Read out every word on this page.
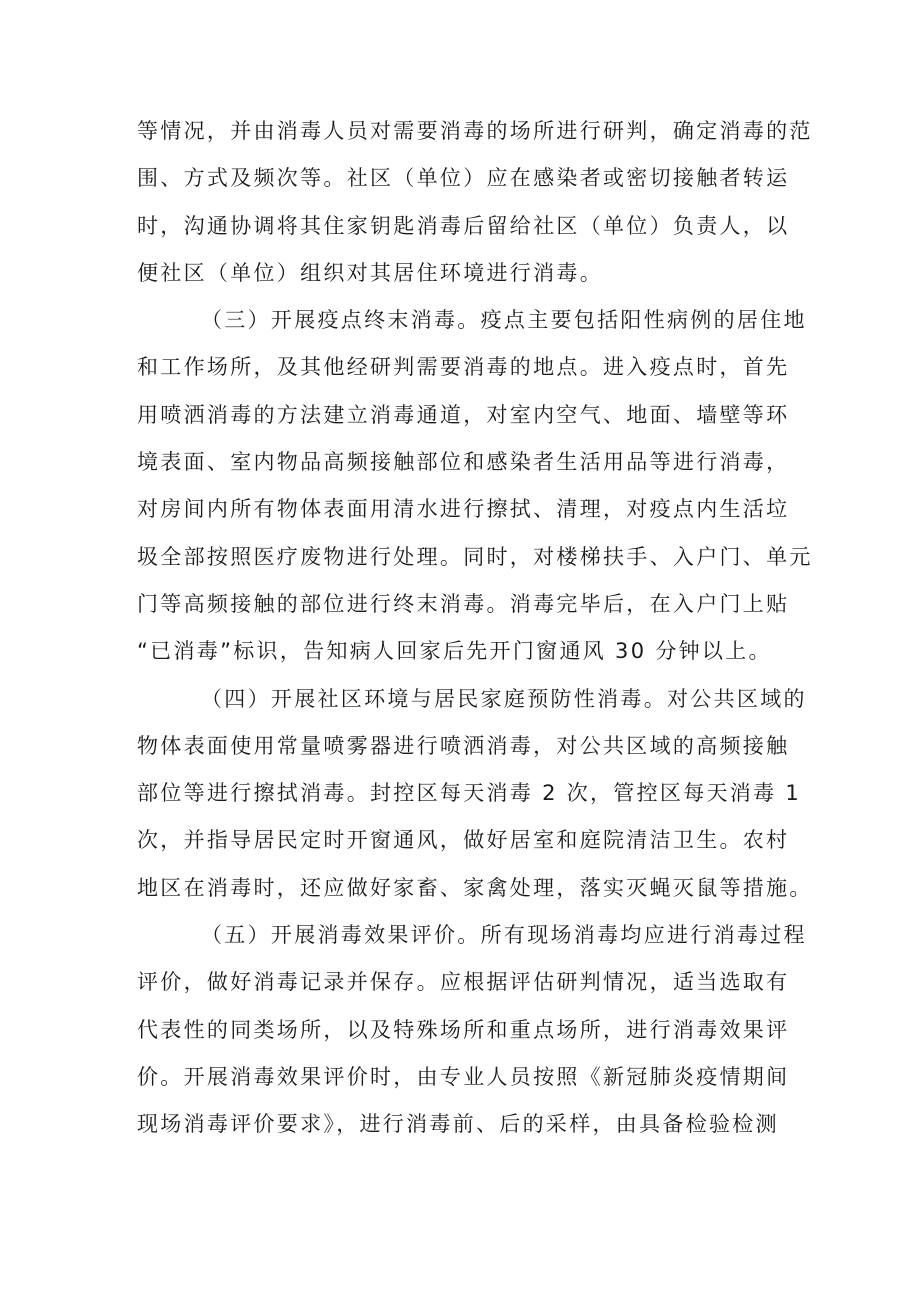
等情况，并由消毒人员对需要消毒的场所进行研判，确定消毒的范
围、方式及频次等。社区（单位）应在感染者或密切接触者转运
时，沟通协调将其住家钥匙消毒后留给社区（单位）负责人，以
便社区（单位）组织对其居住环境进行消毒。

（三）开展疫点终末消毒。疫点主要包括阳性病例的居住地
和工作场所，及其他经研判需要消毒的地点。进入疫点时，首先
用喷洒消毒的方法建立消毒通道，对室内空气、地面、墙壁等环
境表面、室内物品高频接触部位和感染者生活用品等进行消毒，
对房间内所有物体表面用清水进行擦拭、清理，对疫点内生活垃
圾全部按照医疗废物进行处理。同时，对楼梯扶手、入户门、单元
门等高频接触的部位进行终末消毒。消毒完毕后，在入户门上贴
“已消毒”标识，告知病人回家后先开门窗通风 30 分钟以上。

（四）开展社区环境与居民家庭预防性消毒。对公共区域的
物体表面使用常量喷雾器进行喷洒消毒，对公共区域的高频接触
部位等进行擦拭消毒。封控区每天消毒 2 次，管控区每天消毒 1
次，并指导居民定时开窗通风，做好居室和庭院清洁卫生。农村
地区在消毒时，还应做好家畜、家禽处理，落实灭蝇灭鼠等措施。

（五）开展消毒效果评价。所有现场消毒均应进行消毒过程
评价，做好消毒记录并保存。应根据评估研判情况，适当选取有
代表性的同类场所，以及特殊场所和重点场所，进行消毒效果评
价。开展消毒效果评价时，由专业人员按照《新冠肺炎疫情期间
现场消毒评价要求》，进行消毒前、后的采样，由具备检验检测
